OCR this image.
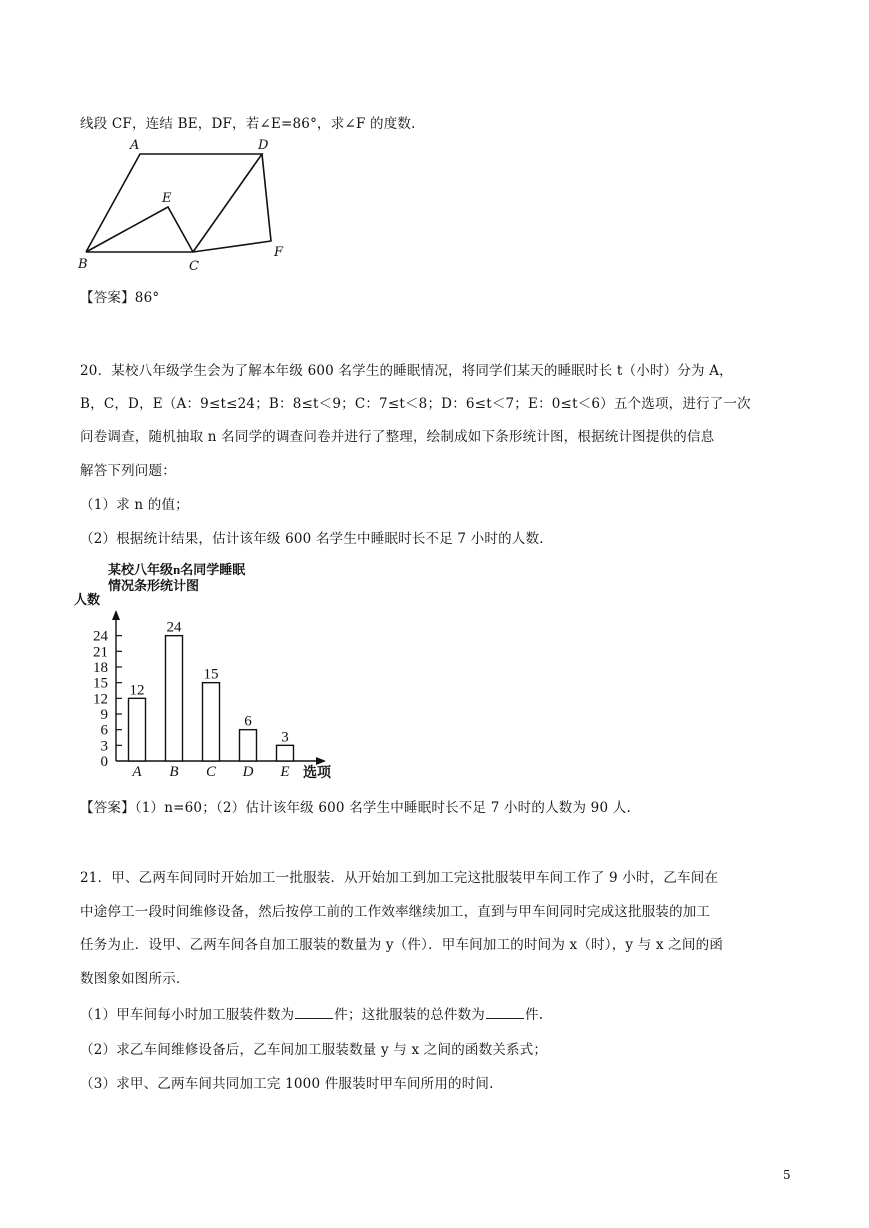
线段 CF，连结 BE，DF，若∠E=86°，求∠F 的度数.
A	D
E
B	C
F
【答案】86°
20．某校八年级学生会为了解本年级 600 名学生的睡眠情况，将同学们某天的睡眠时长 t（小时）分为 A，
B，C，D，E（A：9≤t≤24；B：8≤t＜9；C：7≤t＜8；D：6≤t＜7；E：0≤t＜6）五个选项，进行了一次
问卷调查，随机抽取 n 名同学的调查问卷并进行了整理，绘制成如下条形统计图，根据统计图提供的信息
解答下列问题：
（1）求 n 的值；
（2）根据统计结果，估计该年级 600 名学生中睡眠时长不足 7 小时的人数.
某校八年级n名同学睡眠
情况条形统计图
人数
选项
0
3
6
9
12
15
18
21
24
12
A
24
B
15
C
6
D
3
E
【答案】（1）n=60；（2）估计该年级 600 名学生中睡眠时长不足 7 小时的人数为 90 人.
21．甲、乙两车间同时开始加工一批服装．从开始加工到加工完这批服装甲车间工作了 9 小时，乙车间在
中途停工一段时间维修设备，然后按停工前的工作效率继续加工，直到与甲车间同时完成这批服装的加工
任务为止．设甲、乙两车间各自加工服装的数量为 y（件）．甲车间加工的时间为 x（时），y 与 x 之间的函
数图象如图所示．
（1）甲车间每小时加工服装件数为	件；这批服装的总件数为	件.
（2）求乙车间维修设备后，乙车间加工服装数量 y 与 x 之间的函数关系式；
（3）求甲、乙两车间共同加工完 1000 件服装时甲车间所用的时间.
5
